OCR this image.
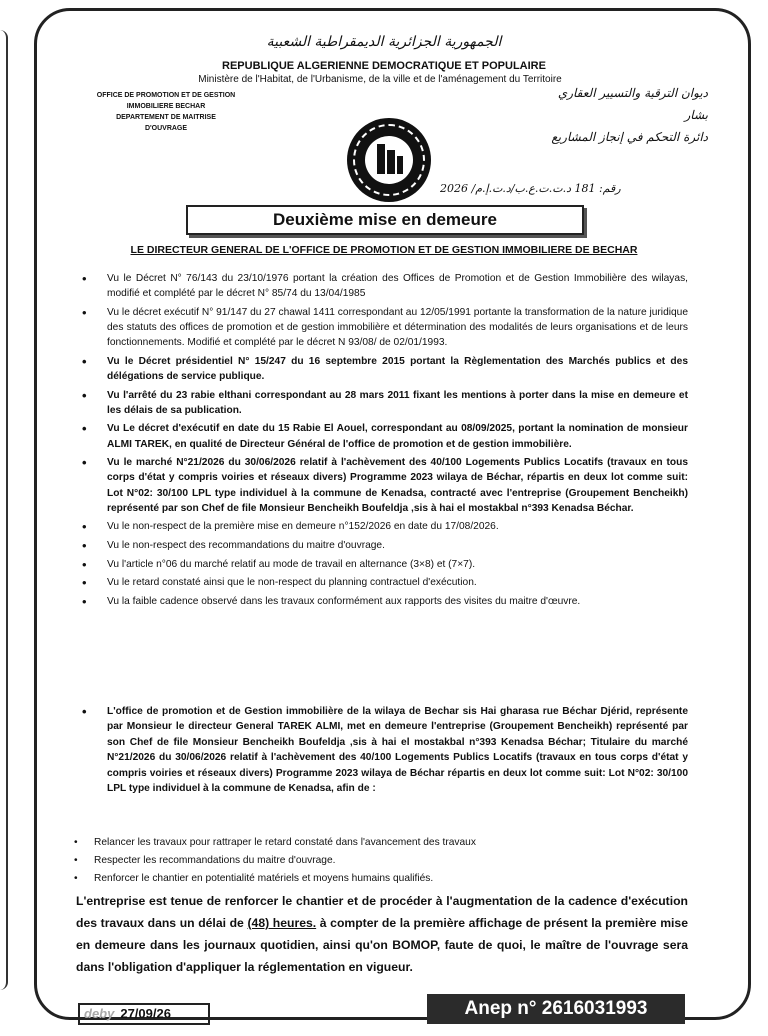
الجمهورية الجزائرية الديمقراطية الشعبية
REPUBLIQUE ALGERIENNE DEMOCRATIQUE ET POPULAIRE
Ministère de l'Habitat, de l'Urbanisme, de la ville et de l'aménagement du Territoire
OFFICE DE PROMOTION ET DE GESTION
IMMOBILIERE BECHAR
DEPARTEMENT DE MAITRISE
D'OUVRAGE
ديوان الترقية والتسيير العقاري
بشار
دائرة التحكم في إنجاز المشاريع
رقم: 181 د.ت.ت.ع.ب/د.ت.إ.م/ 2026
Deuxième mise en demeure
LE DIRECTEUR GENERAL DE L'OFFICE DE PROMOTION ET DE GESTION IMMOBILIERE DE BECHAR
• Vu le Décret N° 76/143 du 23/10/1976 portant la création des Offices de Promotion et de Gestion Immobilière des wilayas, modifié et complété par le décret N° 85/74 du 13/04/1985
• Vu le décret exécutif N° 91/147 du 27 chawal 1411 correspondant au 12/05/1991 portante la transformation de la nature juridique des statuts des offices de promotion et de gestion immobilière et détermination des modalités de leurs organisations et de leurs fonctionnements. Modifié et complété par le décret N 93/08/ de 02/01/1993.
• Vu le Décret présidentiel N° 15/247 du 16 septembre 2015 portant la Règlementation des Marchés publics et des délégations de service publique.
• Vu l'arrêté du 23 rabie elthani correspondant au 28 mars 2011 fixant les mentions à porter dans la mise en demeure et les délais de sa publication.
• Vu Le décret d'exécutif en date du 15 Rabie El Aouel, correspondant au 08/09/2025, portant la nomination de monsieur ALMI TAREK, en qualité de Directeur Général de l'office de promotion et de gestion immobilière.
• Vu le marché N°21/2026 du 30/06/2026 relatif à l'achèvement des 40/100 Logements Publics Locatifs (travaux en tous corps d'état y compris voiries et réseaux divers) Programme 2023 wilaya de Béchar, répartis en deux lot comme suit: Lot N°02: 30/100 LPL type individuel à la commune de Kenadsa, contracté avec l'entreprise (Groupement Bencheikh) représenté par son Chef de file Monsieur Bencheikh Boufeldja ,sis à hai el mostakbal n°393 Kenadsa Béchar.
• Vu le non-respect de la première mise en demeure n°152/2026 en date du 17/08/2026.
• Vu le non-respect des recommandations du maitre d'ouvrage.
• Vu l'article n°06 du marché relatif au mode de travail en alternance (3×8) et (7×7).
• Vu le retard constaté ainsi que le non-respect du planning contractuel d'exécution.
• Vu la faible cadence observé dans les travaux conformément aux rapports des visites du maitre d'œuvre.
•	L'office de promotion et de Gestion immobilière de la wilaya de Bechar sis Hai gharasa rue Béchar Djérid, représente par Monsieur le directeur General TAREK ALMI, met en demeure l'entreprise (Groupement Bencheikh) représenté par son Chef de file Monsieur Bencheikh Boufeldja ,sis à hai el mostakbal n°393 Kenadsa Béchar; Titulaire du marché N°21/2026 du 30/06/2026 relatif à l'achèvement des 40/100 Logements Publics Locatifs (travaux en tous corps d'état y compris voiries et réseaux divers) Programme 2023 wilaya de Béchar répartis en deux lot comme suit: Lot N°02: 30/100 LPL type individuel à la commune de Kenadsa, afin de :
• Relancer les travaux pour rattraper le retard constaté dans l'avancement des travaux
• Respecter les recommandations du maitre d'ouvrage.
• Renforcer le chantier en potentialité matériels et moyens humains qualifiés.
L'entreprise est tenue de renforcer le chantier et de procéder à l'augmentation de la cadence d'exécution des travaux dans un délai de (48) heures. à compter de la première affichage de présent la première mise en demeure dans les journaux quotidien, ainsi qu'on BOMOP, faute de quoi, le maître de l'ouvrage sera dans l'obligation d'appliquer la réglementation en vigueur.
deby 27/09/26	Anep n° 2616031993
